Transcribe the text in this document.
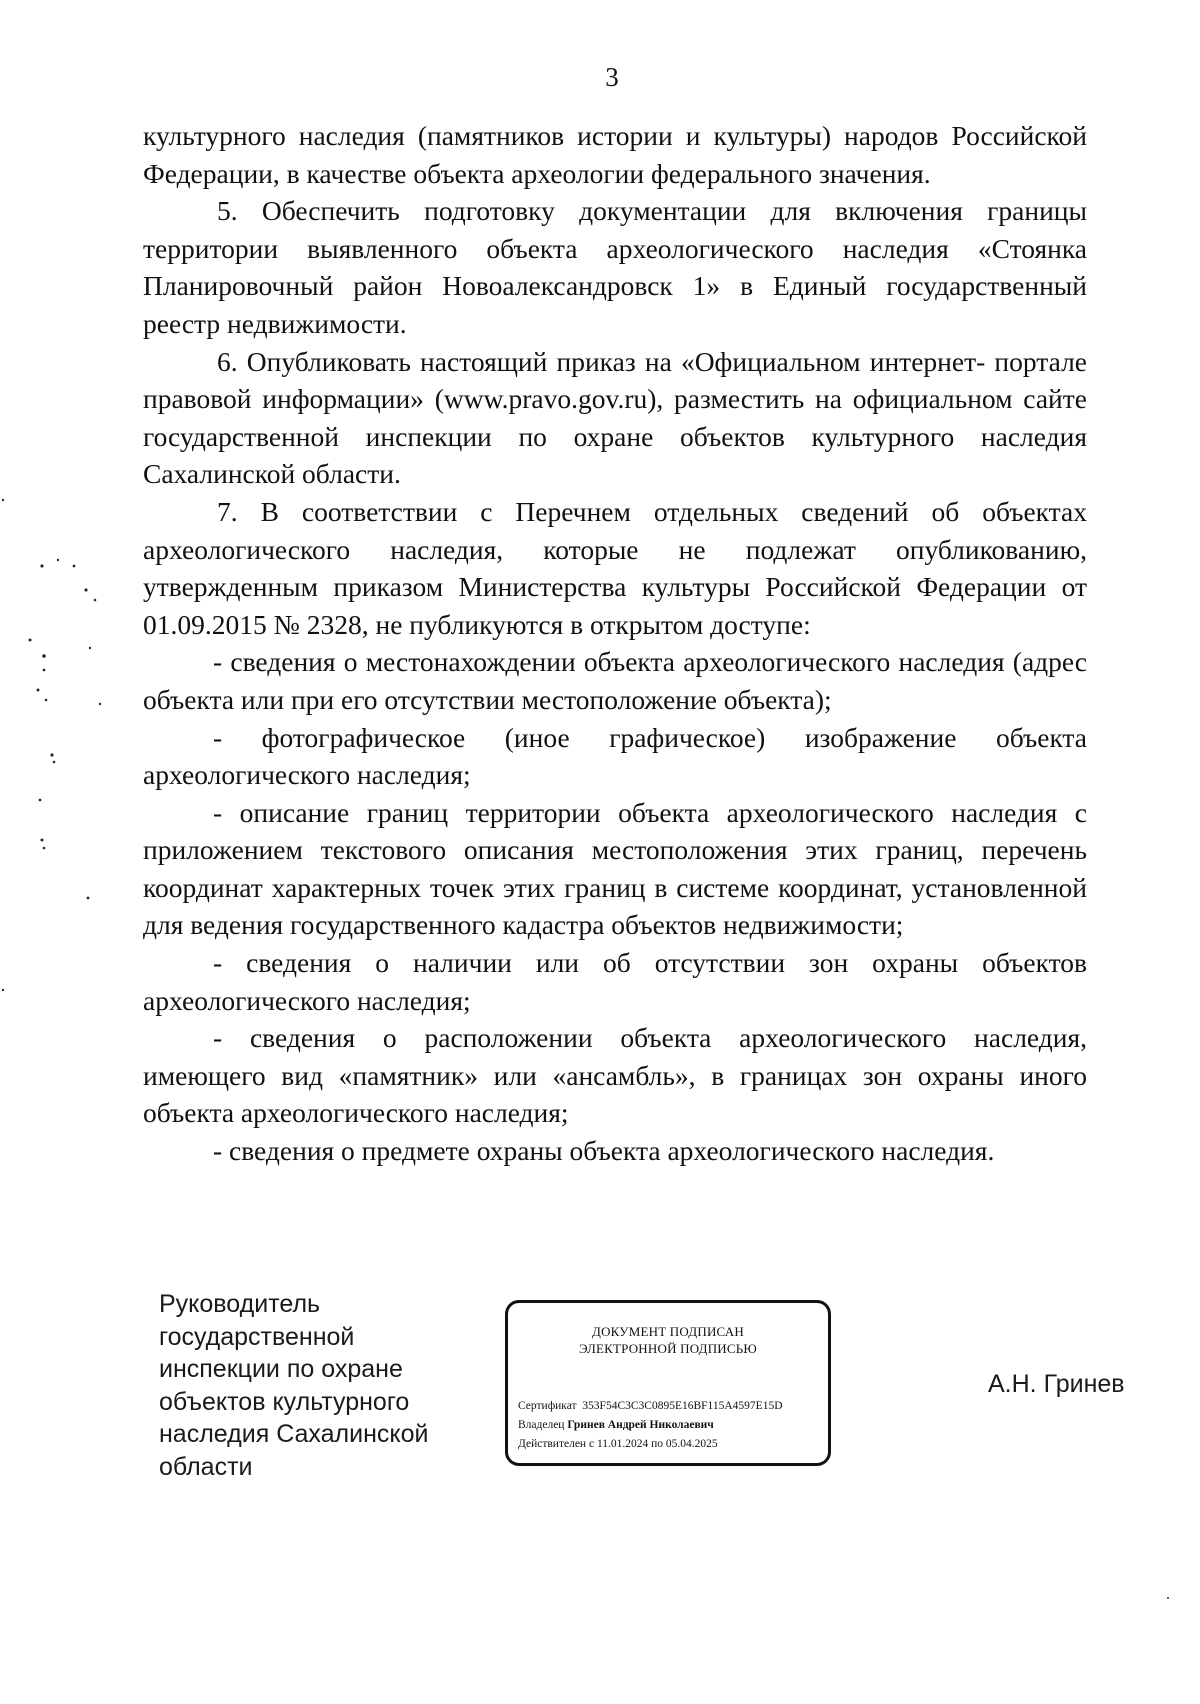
3

культурного наследия (памятников истории и культуры) народов Российской Федерации, в качестве объекта археологии федерального значения.

5. Обеспечить подготовку документации для включения границы территории выявленного объекта археологического наследия «Стоянка Планировочный район Новоалександровск 1» в Единый государственный реестр недвижимости.

6. Опубликовать настоящий приказ на «Официальном интернет- портале правовой информации» (www.pravo.gov.ru), разместить на официальном сайте государственной инспекции по охране объектов культурного наследия Сахалинской области.

7. В соответствии с Перечнем отдельных сведений об объектах археологического наследия, которые не подлежат опубликованию, утвержденным приказом Министерства культуры Российской Федерации от 01.09.2015 № 2328, не публикуются в открытом доступе:

- сведения о местонахождении объекта археологического наследия (адрес объекта или при его отсутствии местоположение объекта);

- фотографическое (иное графическое) изображение объекта археологического наследия;

- описание границ территории объекта археологического наследия с приложением текстового описания местоположения этих границ, перечень координат характерных точек этих границ в системе координат, установленной для ведения государственного кадастра объектов недвижимости;

- сведения о наличии или об отсутствии зон охраны объектов археологического наследия;

- сведения о расположении объекта археологического наследия, имеющего вид «памятник» или «ансамбль», в границах зон охраны иного объекта археологического наследия;

- сведения о предмете охраны объекта археологического наследия.

Руководитель
государственной
инспекции по охране
объектов культурного
наследия Сахалинской
области
ДОКУМЕНТ ПОДПИСАН
ЭЛЕКТРОННОЙ ПОДПИСЬЮ
Сертификат 353F54C3C3C0895E16BF115A4597E15D
Владелец Гринев Андрей Николаевич
Действителен с 11.01.2024 по 05.04.2025
А.Н. Гринев
